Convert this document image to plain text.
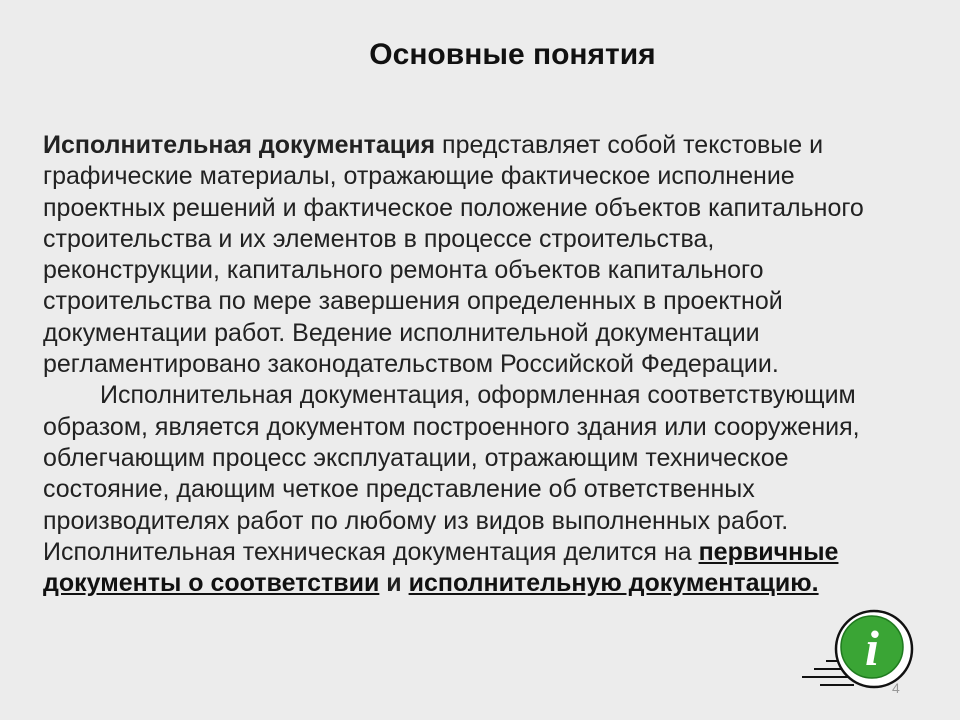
Основные понятия
Исполнительная документация представляет собой текстовые и
графические материалы, отражающие фактическое исполнение
проектных решений и фактическое положение объектов капитального
строительства и их элементов в процессе строительства,
реконструкции, капитального ремонта объектов капитального
строительства по мере завершения определенных в проектной
документации работ. Ведение исполнительной документации
регламентировано законодательством Российской Федерации.
Исполнительная документация, оформленная соответствующим
образом, является документом построенного здания или сооружения,
облегчающим процесс эксплуатации, отражающим техническое
состояние, дающим четкое представление об ответственных
производителях работ по любому из видов выполненных работ.
Исполнительная техническая документация делится на первичные
документы о соответствии и исполнительную документацию.
i
4
